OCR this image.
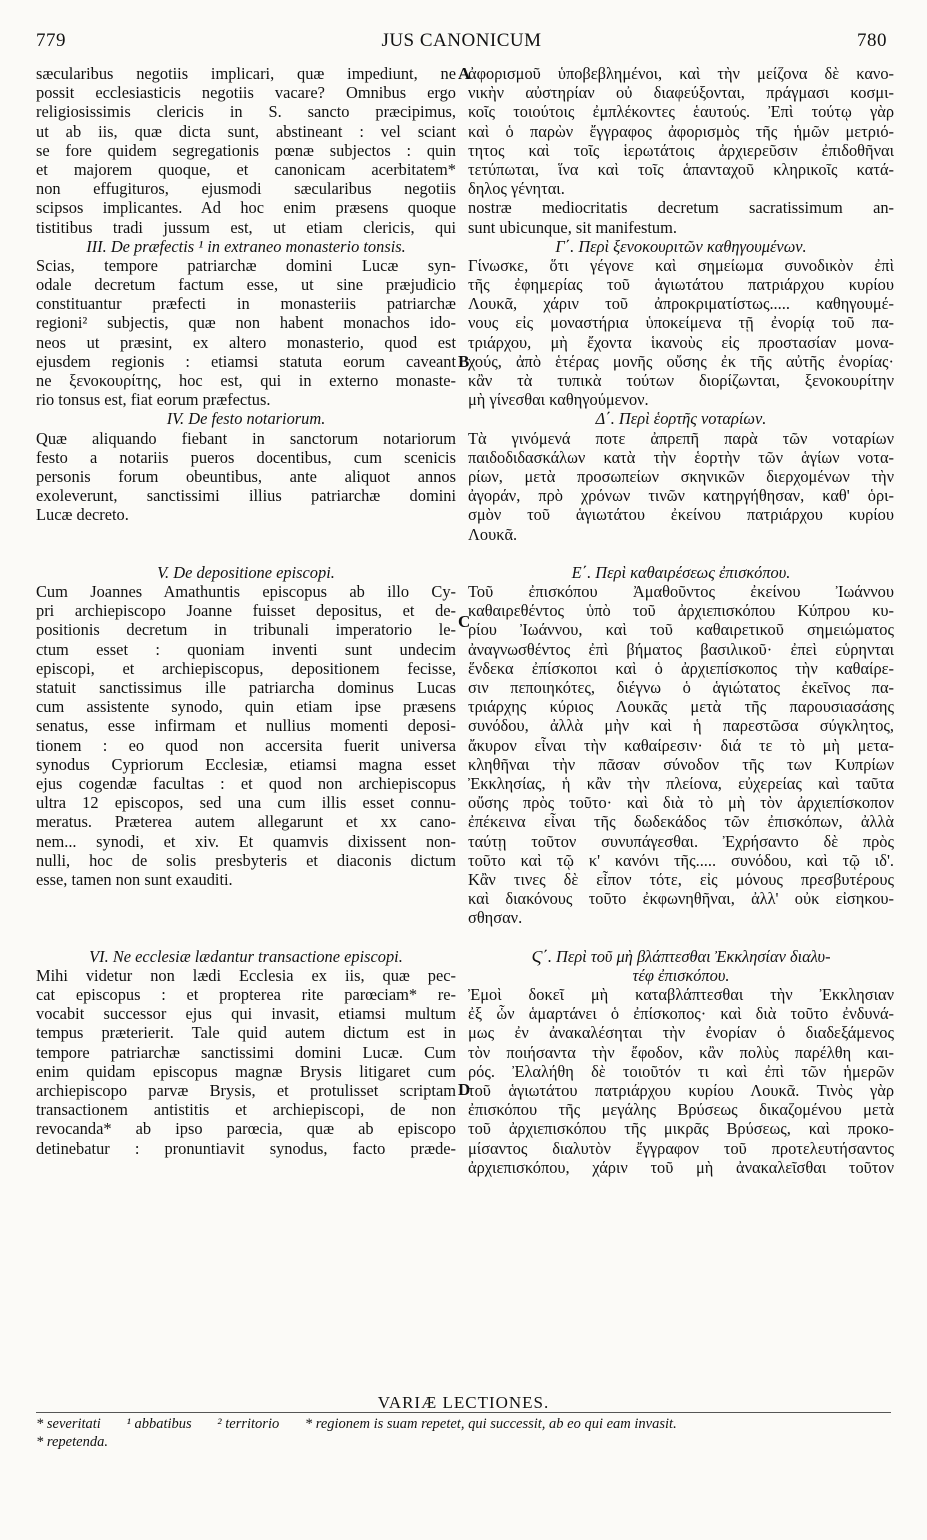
779	JUS CANONICUM	780
sæcularibus negotiis implicari, quæ impediunt, ne
possit ecclesiasticis negotiis vacare? Omnibus ergo
religiosissimis clericis in S. sancto præcipimus,
ut ab iis, quæ dicta sunt, abstineant : vel sciant
se fore quidem segregationis pœnæ subjectos : quin
et majorem quoque, et canonicam acerbitatem*
non effugituros, ejusmodi sæcularibus negotiis
scipsos implicantes. Ad hoc enim præsens quoque
tistitibus tradi jussum est, ut etiam clericis, qui
III. De præfectis ¹ in extraneo monasterio tonsis.
Scias, tempore patriarchæ domini Lucæ syn-
odale decretum factum esse, ut sine præjudicio
constituantur præfecti in monasteriis patriarchæ
regioni² subjectis, quæ non habent monachos ido-
neos ut præsint, ex altero monasterio, quod est
ejusdem regionis : etiamsi statuta eorum caveant
ne ξενοκουρίτης, hoc est, qui in externo monaste-
rio tonsus est, fiat eorum præfectus.
IV. De festo notariorum.
Quæ aliquando fiebant in sanctorum notariorum
festo a notariis pueros docentibus, cum scenicis
personis forum obeuntibus, ante aliquot annos
exoleverunt, sanctissimi illius patriarchæ domini
Lucæ decreto.
V. De depositione episcopi.
Cum Joannes Amathuntis episcopus ab illo Cy-
pri archiepiscopo Joanne fuisset depositus, et de-
positionis decretum in tribunali imperatorio le-
ctum esset : quoniam inventi sunt undecim
episcopi, et archiepiscopus, depositionem fecisse,
statuit sanctissimus ille patriarcha dominus Lucas
cum assistente synodo, quin etiam ipse præsens
senatus, esse infirmam et nullius momenti deposi-
tionem : eo quod non accersita fuerit universa
synodus Cypriorum Ecclesiæ, etiamsi magna esset
ejus cogendæ facultas : et quod non archiepiscopus
ultra 12 episcopos, sed una cum illis esset connu-
meratus. Præterea autem allegarunt et xx cano-
nem... synodi, et xiv. Et quamvis dixissent non-
nulli, hoc de solis presbyteris et diaconis dictum
esse, tamen non sunt exauditi.
VI. Ne ecclesiæ lædantur transactione episcopi.
Mihi videtur non lædi Ecclesia ex iis, quæ pec-
cat episcopus : et propterea rite parœciam* re-
vocabit successor ejus qui invasit, etiamsi multum
tempus præterierit. Tale quid autem dictum est in
tempore patriarchæ sanctissimi domini Lucæ. Cum
enim quidam episcopus magnæ Brysis litigaret cum
archiepiscopo parvæ Brysis, et protulisset scriptam
transactionem antistitis et archiepiscopi, de non
revocanda* ab ipso parœcia, quæ ab episcopo
detinebatur : pronuntiavit synodus, facto præde-
ἀφορισμοῦ ὑποβεβλημένοι, καὶ τὴν μείζονα δὲ κανο-
νικὴν αὐστηρίαν οὐ διαφεύξονται, πράγμασι κοσμι-
κοῖς τοιούτοις ἐμπλέκοντες ἑαυτούς. Ἐπὶ τούτῳ γὰρ
καὶ ὁ παρὼν ἔγγραφος ἀφορισμὸς τῆς ἡμῶν μετριό-
τητος καὶ τοῖς ἱερωτάτοις ἀρχιερεῦσιν ἐπιδοθῆναι
τετύπωται, ἵνα καὶ τοῖς ἁπανταχοῦ κληρικοῖς κατά-
δηλος γένηται.
nostræ mediocritatis decretum sacratissimum an-
sunt ubicunque, sit manifestum.
Γ΄. Περὶ ξενοκουριτῶν καθηγουμένων.
Γίνωσκε, ὅτι γέγονε καὶ σημείωμα συνοδικὸν ἐπὶ
τῆς ἐφημερίας τοῦ ἁγιωτάτου πατριάρχου κυρίου
Λουκᾶ, χάριν τοῦ ἀπροκριματίστως..... καθηγουμέ-
νους εἰς μοναστήρια ὑποκείμενα τῇ ἐνορίᾳ τοῦ πα-
τριάρχου, μὴ ἔχοντα ἱκανοὺς εἰς προστασίαν μονα-
χούς, ἀπὸ ἑτέρας μονῆς οὔσης ἐκ τῆς αὐτῆς ἐνορίας·
κἂν τὰ τυπικὰ τούτων διορίζωνται, ξενοκουρίτην
μὴ γίνεσθαι καθηγούμενον.
Δ΄. Περὶ ἑορτῆς νοταρίων.
Τὰ γινόμενά ποτε ἀπρεπῆ παρὰ τῶν νοταρίων
παιδοδιδασκάλων κατὰ τὴν ἑορτὴν τῶν ἁγίων νοτα-
ρίων, μετὰ προσωπείων σκηνικῶν διερχομένων τὴν
ἀγοράν, πρὸ χρόνων τινῶν κατηργήθησαν, καθ' ὁρι-
σμὸν τοῦ ἁγιωτάτου ἐκείνου πατριάρχου κυρίου
Λουκᾶ.
Ε΄. Περὶ καθαιρέσεως ἐπισκόπου.
Τοῦ ἐπισκόπου Ἀμαθοῦντος ἐκείνου Ἰωάννου
καθαιρεθέντος ὑπὸ τοῦ ἀρχιεπισκόπου Κύπρου κυ-
ρίου Ἰωάννου, καὶ τοῦ καθαιρετικοῦ σημειώματος
ἀναγνωσθέντος ἐπὶ βήματος βασιλικοῦ· ἐπεὶ εὑρηνται
ἕνδεκα ἐπίσκοποι καὶ ὁ ἀρχιεπίσκοπος τὴν καθαίρε-
σιν πεποιηκότες, διέγνω ὁ ἁγιώτατος ἐκεῖνος πα-
τριάρχης κύριος Λουκᾶς μετὰ τῆς παρουσιασάσης
συνόδου, ἀλλὰ μὴν καὶ ἡ παρεστῶσα σύγκλητος,
ἄκυρον εἶναι τὴν καθαίρεσιν· διά τε τὸ μὴ μετα-
κληθῆναι τὴν πᾶσαν σύνοδον τῆς των Κυπρίων
Ἐκκλησίας, ἡ κἂν τὴν πλείονα, εὐχερείας καὶ ταῦτα
οὔσης πρὸς τοῦτο· καὶ διὰ τὸ μὴ τὸν ἀρχιεπίσκοπον
ἐπέκεινα εἶναι τῆς δωδεκάδος τῶν ἐπισκόπων, ἀλλὰ
ταύτῃ τοῦτον συνυπάγεσθαι. Ἐχρήσαντο δὲ πρὸς
τοῦτο καὶ τῷ κ' κανόνι τῆς..... συνόδου, καὶ τῷ ιδ'.
Κἂν τινες δὲ εἶπον τότε, εἰς μόνους πρεσβυτέρους
καὶ διακόνους τοῦτο ἐκφωνηθῆναι, ἀλλ' οὐκ εἰσηκου-
σθησαν.
Ϛ΄. Περὶ τοῦ μὴ βλάπτεσθαι Ἐκκλησίαν διαλυ-
τέφ ἐπισκόπου.
Ἐμοὶ δοκεῖ μὴ καταβλάπτεσθαι τὴν Ἐκκλησιαν
ἐξ ὧν ἁμαρτάνει ὁ ἐπίσκοπος· καὶ διὰ τοῦτο ἐνδυνά-
μως ἐν ἀνακαλέσηται τὴν ἐνορίαν ὁ διαδεξάμενος
τὸν ποιήσαντα τὴν ἔφοδον, κἂν πολὺς παρέλθη και-
ρός. Ἐλαλήθη δὲ τοιοῦτόν τι καὶ ἐπὶ τῶν ἡμερῶν
τοῦ ἁγιωτάτου πατριάρχου κυρίου Λουκᾶ. Τινὸς γὰρ
ἐπισκόπου τῆς μεγάλης Βρύσεως δικαζομένου μετὰ
τοῦ ἀρχιεπισκόπου τῆς μικρᾶς Βρύσεως, καὶ προκο-
μίσαντος διαλυτὸν ἔγγραφον τοῦ προτελευτήσαντος
ἀρχιεπισκόπου, χάριν τοῦ μὴ ἀνακαλεῖσθαι τοῦτον
A
B
C
D
VARIÆ LECTIONES.
* severitati ¹ abbatibus ² territorio * regionem is suam repetet, qui successit, ab eo qui eam invasit.
* repetenda.
